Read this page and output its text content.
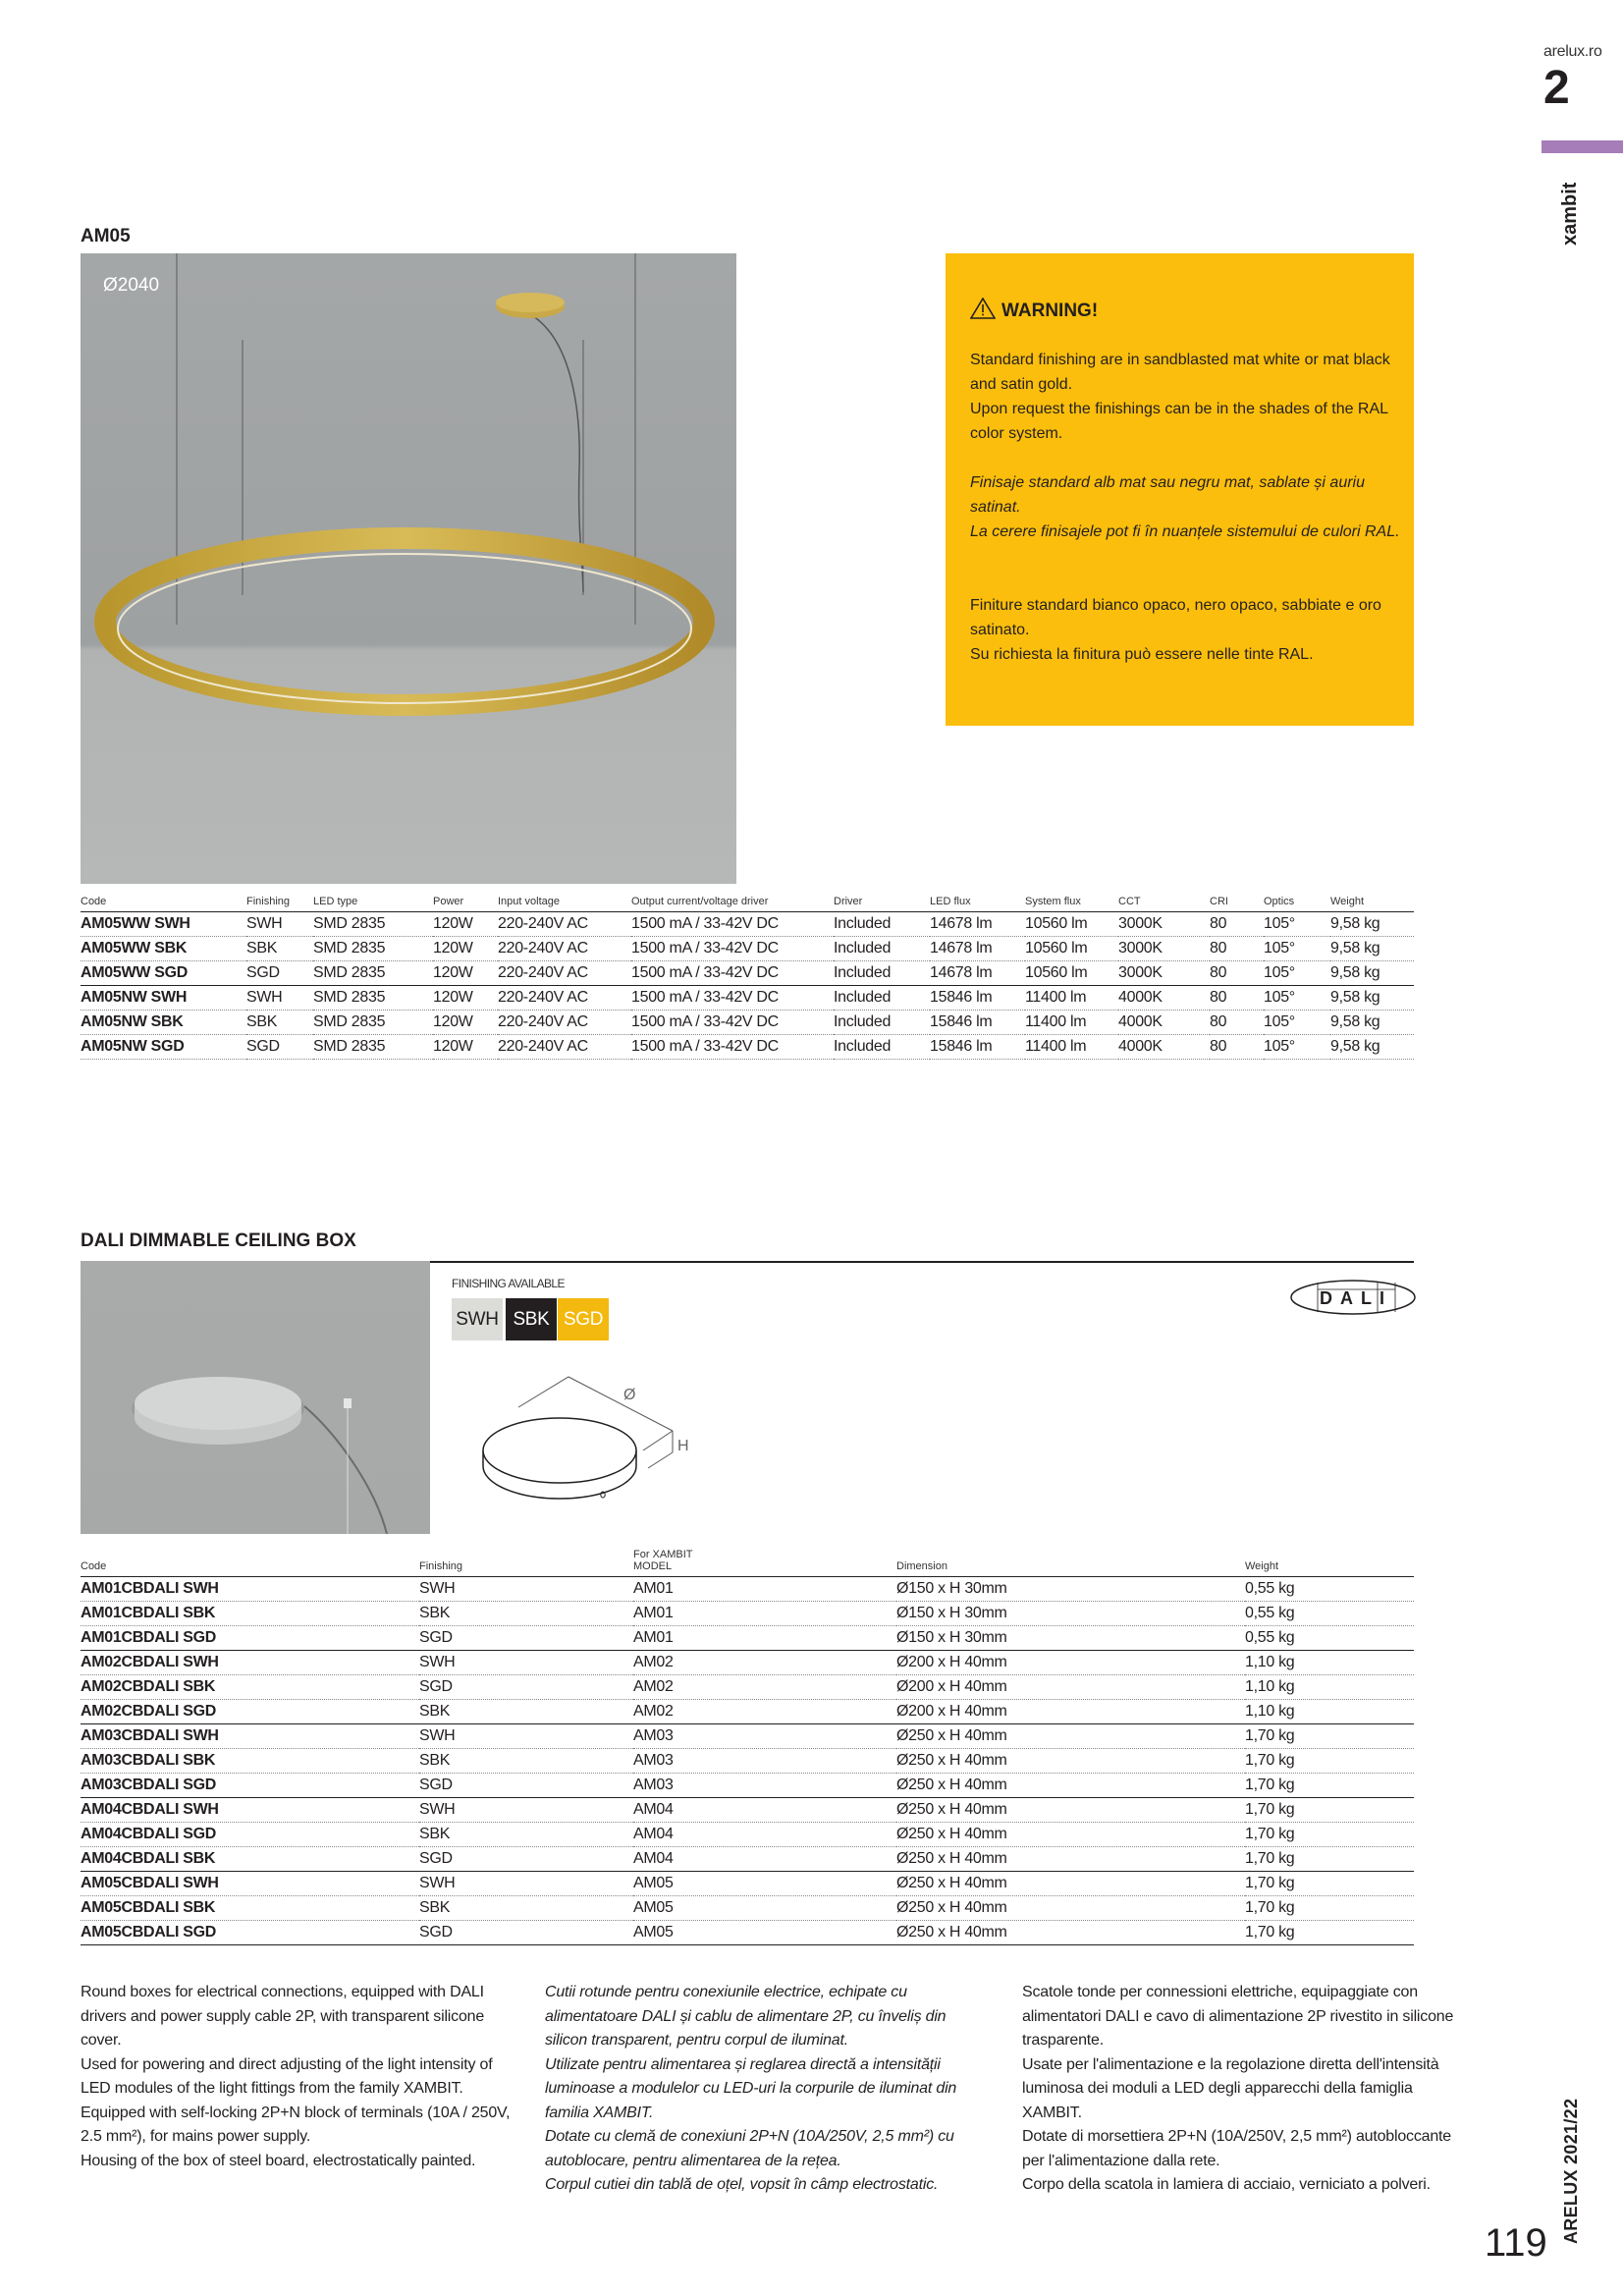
arelux.ro
2
xambit
ARELUX 2021/22
119
AM05
Ø2040
WARNING!
Standard finishing are in sandblasted mat white or mat black and satin gold.
Upon request the finishings can be in the shades of the RAL color system.
Finisaje standard alb mat sau negru mat, sablate și auriu satinat.
La cerere finisajele pot fi în nuanțele sistemului de culori RAL.
Finiture standard bianco opaco, nero opaco, sabbiate e oro satinato.
Su richiesta la finitura può essere nelle tinte RAL.
Code	Finishing	LED type	Power	Input voltage	Output current/voltage driver	Driver	LED flux	System flux	CCT	CRI	Optics	Weight
AM05WW SWH	SWH	SMD 2835	120W	220-240V AC	1500 mA / 33-42V DC	Included	14678 lm	10560 lm	3000K	80	105°	9,58 kg
AM05WW SBK	SBK	SMD 2835	120W	220-240V AC	1500 mA / 33-42V DC	Included	14678 lm	10560 lm	3000K	80	105°	9,58 kg
AM05WW SGD	SGD	SMD 2835	120W	220-240V AC	1500 mA / 33-42V DC	Included	14678 lm	10560 lm	3000K	80	105°	9,58 kg
AM05NW SWH	SWH	SMD 2835	120W	220-240V AC	1500 mA / 33-42V DC	Included	15846 lm	11400 lm	4000K	80	105°	9,58 kg
AM05NW SBK	SBK	SMD 2835	120W	220-240V AC	1500 mA / 33-42V DC	Included	15846 lm	11400 lm	4000K	80	105°	9,58 kg
AM05NW SGD	SGD	SMD 2835	120W	220-240V AC	1500 mA / 33-42V DC	Included	15846 lm	11400 lm	4000K	80	105°	9,58 kg
DALI DIMMABLE CEILING BOX
FINISHING AVAILABLE
SWH SBK SGD
DALI
Ø
H
Code	Finishing	For XAMBIT
MODEL	Dimension	Weight
AM01CBDALI SWH	SWH	AM01	Ø150 x H 30mm	0,55 kg
AM01CBDALI SBK	SBK	AM01	Ø150 x H 30mm	0,55 kg
AM01CBDALI SGD	SGD	AM01	Ø150 x H 30mm	0,55 kg
AM02CBDALI SWH	SWH	AM02	Ø200 x H 40mm	1,10 kg
AM02CBDALI SBK	SGD	AM02	Ø200 x H 40mm	1,10 kg
AM02CBDALI SGD	SBK	AM02	Ø200 x H 40mm	1,10 kg
AM03CBDALI SWH	SWH	AM03	Ø250 x H 40mm	1,70 kg
AM03CBDALI SBK	SBK	AM03	Ø250 x H 40mm	1,70 kg
AM03CBDALI SGD	SGD	AM03	Ø250 x H 40mm	1,70 kg
AM04CBDALI SWH	SWH	AM04	Ø250 x H 40mm	1,70 kg
AM04CBDALI SGD	SBK	AM04	Ø250 x H 40mm	1,70 kg
AM04CBDALI SBK	SGD	AM04	Ø250 x H 40mm	1,70 kg
AM05CBDALI SWH	SWH	AM05	Ø250 x H 40mm	1,70 kg
AM05CBDALI SBK	SBK	AM05	Ø250 x H 40mm	1,70 kg
AM05CBDALI SGD	SGD	AM05	Ø250 x H 40mm	1,70 kg
Round boxes for electrical connections, equipped with DALI drivers and power supply cable 2P, with transparent silicone cover.
Used for powering and direct adjusting of the light intensity of LED modules of the light fittings from the family XAMBIT.
Equipped with self-locking 2P+N block of terminals (10A / 250V, 2.5 mm²), for mains power supply.
Housing of the box of steel board, electrostatically painted.
Cutii rotunde pentru conexiunile electrice, echipate cu alimentatoare DALI și cablu de alimentare 2P, cu înveliș din silicon transparent, pentru corpul de iluminat.
Utilizate pentru alimentarea și reglarea directă a intensității luminoase a modulelor cu LED-uri la corpurile de iluminat din familia XAMBIT.
Dotate cu clemă de conexiuni 2P+N (10A/250V, 2,5 mm²) cu autoblocare, pentru alimentarea de la rețea.
Corpul cutiei din tablă de oțel, vopsit în câmp electrostatic.
Scatole tonde per connessioni elettriche, equipaggiate con alimentatori DALI e cavo di alimentazione 2P rivestito in silicone trasparente.
Usate per l'alimentazione e la regolazione diretta dell'intensità luminosa dei moduli a LED degli apparecchi della famiglia XAMBIT.
Dotate di morsettiera 2P+N (10A/250V, 2,5 mm²) autobloccante per l'alimentazione dalla rete.
Corpo della scatola in lamiera di acciaio, verniciato a polveri.
